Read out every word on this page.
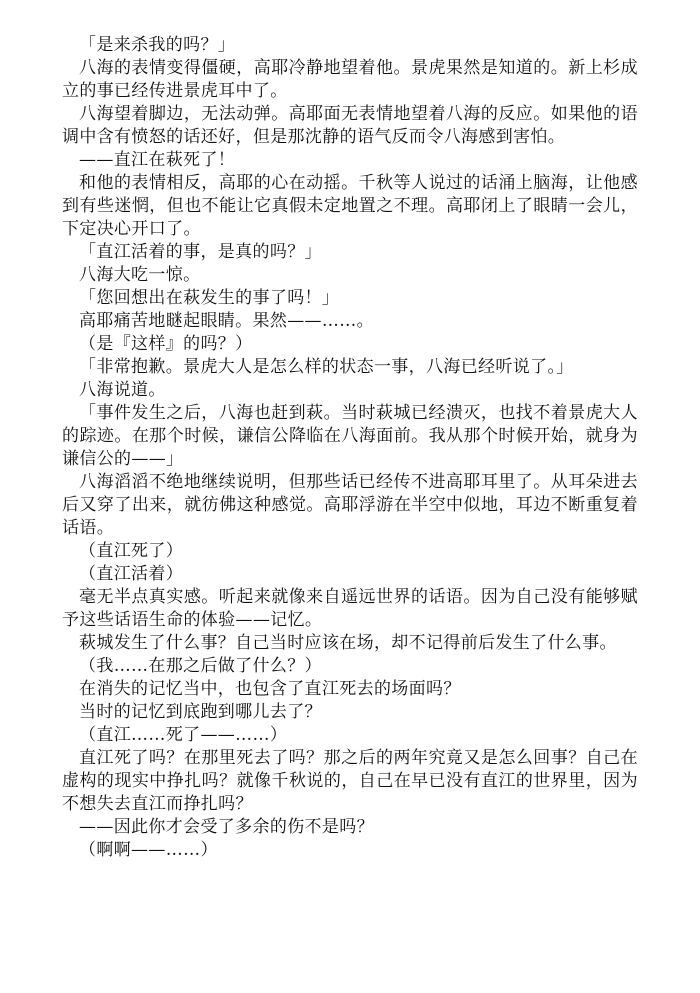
「是来杀我的吗？」

八海的表情变得僵硬，高耶冷静地望着他。景虎果然是知道的。新上杉成立的事已经传进景虎耳中了。

八海望着脚边，无法动弹。高耶面无表情地望着八海的反应。如果他的语调中含有愤怒的话还好，但是那沈静的语气反而令八海感到害怕。

——直江在萩死了！

和他的表情相反，高耶的心在动摇。千秋等人说过的话涌上脑海，让他感到有些迷惘，但也不能让它真假未定地置之不理。高耶闭上了眼睛一会儿，下定决心开口了。

「直江活着的事，是真的吗？」

八海大吃一惊。

「您回想出在萩发生的事了吗！」

高耶痛苦地瞇起眼睛。果然——……。

（是『这样』的吗？）

「非常抱歉。景虎大人是怎么样的状态一事，八海已经听说了。」

八海说道。

「事件发生之后，八海也赶到萩。当时萩城已经溃灭，也找不着景虎大人的踪迹。在那个时候，谦信公降临在八海面前。我从那个时候开始，就身为谦信公的——」

八海滔滔不绝地继续说明，但那些话已经传不进高耶耳里了。从耳朵进去后又穿了出来，就彷佛这种感觉。高耶浮游在半空中似地，耳边不断重复着话语。

（直江死了）

（直江活着）

毫无半点真实感。听起来就像来自遥远世界的话语。因为自己没有能够赋予这些话语生命的体验——记忆。

萩城发生了什么事？自己当时应该在场，却不记得前后发生了什么事。

（我……在那之后做了什么？）

在消失的记忆当中，也包含了直江死去的场面吗？

当时的记忆到底跑到哪儿去了？

（直江……死了——……）

直江死了吗？在那里死去了吗？那之后的两年究竟又是怎么回事？自己在虚构的现实中挣扎吗？就像千秋说的，自己在早已没有直江的世界里，因为不想失去直江而挣扎吗？

——因此你才会受了多余的伤不是吗？

（啊啊——……）
